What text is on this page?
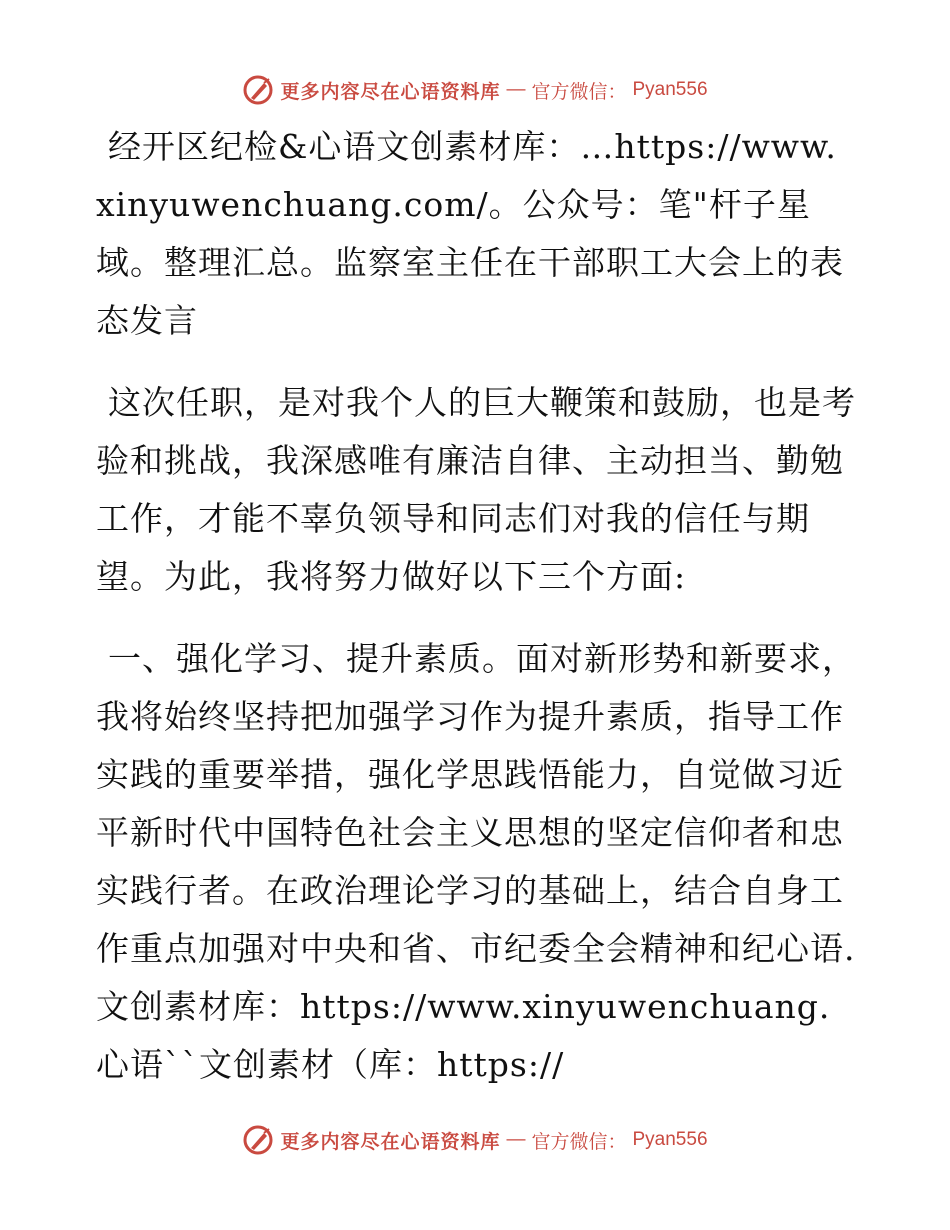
更多内容尽在心语资料库 — 官方微信： Pyan556

经开区纪检&心语文创素材库：…https://www.xinyuwenchuang.com/。公众号：笔"杆子星域。整理汇总。监察室主任在干部职工大会上的表态发言

这次任职，是对我个人的巨大鞭策和鼓励，也是考验和挑战，我深感唯有廉洁自律、主动担当、勤勉工作，才能不辜负领导和同志们对我的信任与期望。为此，我将努力做好以下三个方面:

一、强化学习、提升素质。面对新形势和新要求，我将始终坚持把加强学习作为提升素质，指导工作实践的重要举措，强化学思践悟能力，自觉做习近平新时代中国特色社会主义思想的坚定信仰者和忠实践行者。在政治理论学习的基础上，结合自身工作重点加强对中央和省、市纪委全会精神和纪心语.文创素材库：https://www.xinyuwenchuang.心语``文创素材（库：https://

更多内容尽在心语资料库 — 官方微信： Pyan556
